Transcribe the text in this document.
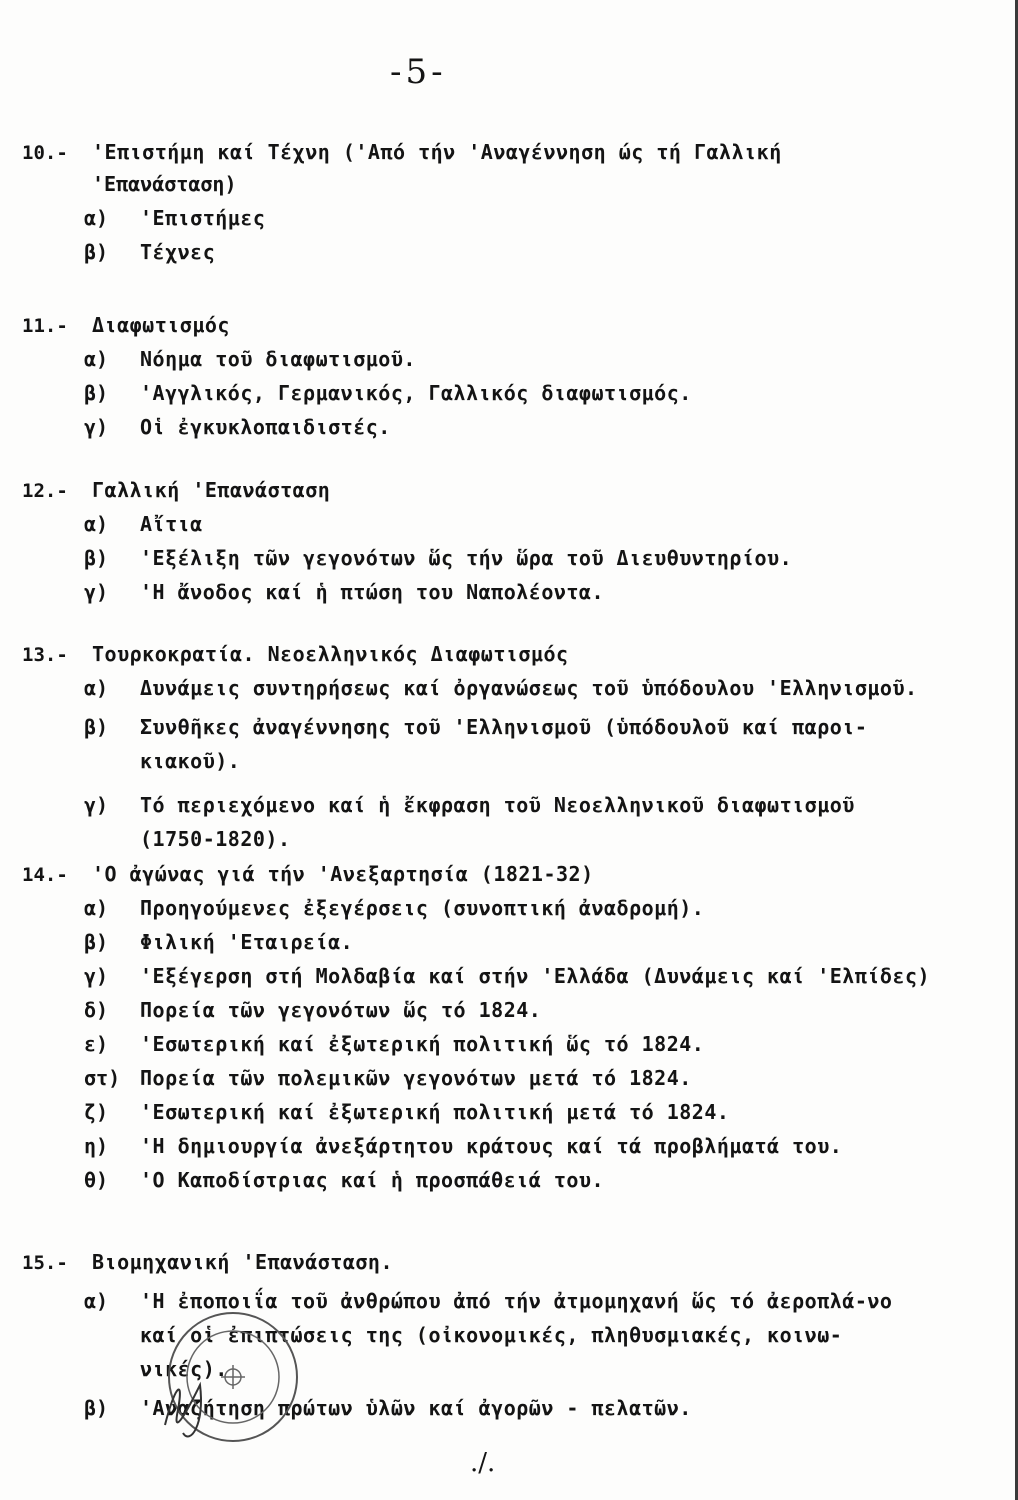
-5-
10.-	'Επιστήμη καί Τέχνη ('Από τήν 'Αναγέννηση ώς τή Γαλλική
'Επανάσταση)
α)	'Επιστήμες
β)	Τέχνες
11.-	Διαφωτισμός
α)	Νόημα τοῦ διαφωτισμοῦ.
β)	'Αγγλικός, Γερμανικός, Γαλλικός διαφωτισμός.
γ)	Οἱ ἐγκυκλοπαιδιστές.
12.-	Γαλλική 'Επανάσταση
α)	Αἴτια
β)	'Εξέλιξη τῶν γεγονότων ὥς τήν ὥρα τοῦ Διευθυντηρίου.
γ)	'Η ἄνοδος καί ἡ πτώση του Ναπολέοντα.
13.-	Τουρκοκρατία. Νεοελληνικός Διαφωτισμός
α)	Δυνάμεις συντηρήσεως καί ὀργανώσεως τοῦ ὑπόδουλου 'Ελληνισμοῦ.
β)	Συνθῆκες ἀναγέννησης τοῦ 'Ελληνισμοῦ (ὑπόδουλοῦ καί παροι-κιακοῦ).
γ)	Τό περιεχόμενο καί ἡ ἔκφραση τοῦ Νεοελληνικοῦ διαφωτισμοῦ (1750-1820).
14.-	'Ο ἀγώνας γιά τήν 'Ανεξαρτησία (1821-32)
α)	Προηγούμενες ἐξεγέρσεις (συνοπτική ἀναδρομή).
β)	Φιλική 'Εταιρεία.
γ)	'Εξέγερση στή Μολδαβία καί στήν 'Ελλάδα (Δυνάμεις καί 'Ελπίδες)
δ)	Πορεία τῶν γεγονότων ὥς τό 1824.
ε)	'Εσωτερική καί ἐξωτερική πολιτική ὥς τό 1824.
στ) Πορεία τῶν πολεμικῶν γεγονότων μετά τό 1824.
ζ)	'Εσωτερική καί ἐξωτερική πολιτική μετά τό 1824.
η)	'Η δημιουργία ἀνεξάρτητου κράτους καί τά προβλήματά του.
θ)	'Ο Καποδίστριας καί ἡ προσπάθειά του.
15.-	Βιομηχανική 'Επανάσταση.
α)	'Η ἐποποιΐα τοῦ ἀνθρώπου ἀπό τήν ἀτμομηχανή ὥς τό ἀεροπλά-νο καί οἱ ἐπιπτώσεις της (οἰκονομικές, πληθυσμιακές, κοινω-νικές).
β)	'Αναζήτηση πρώτων ὑλῶν καί ἀγορῶν - πελατῶν.
./.
